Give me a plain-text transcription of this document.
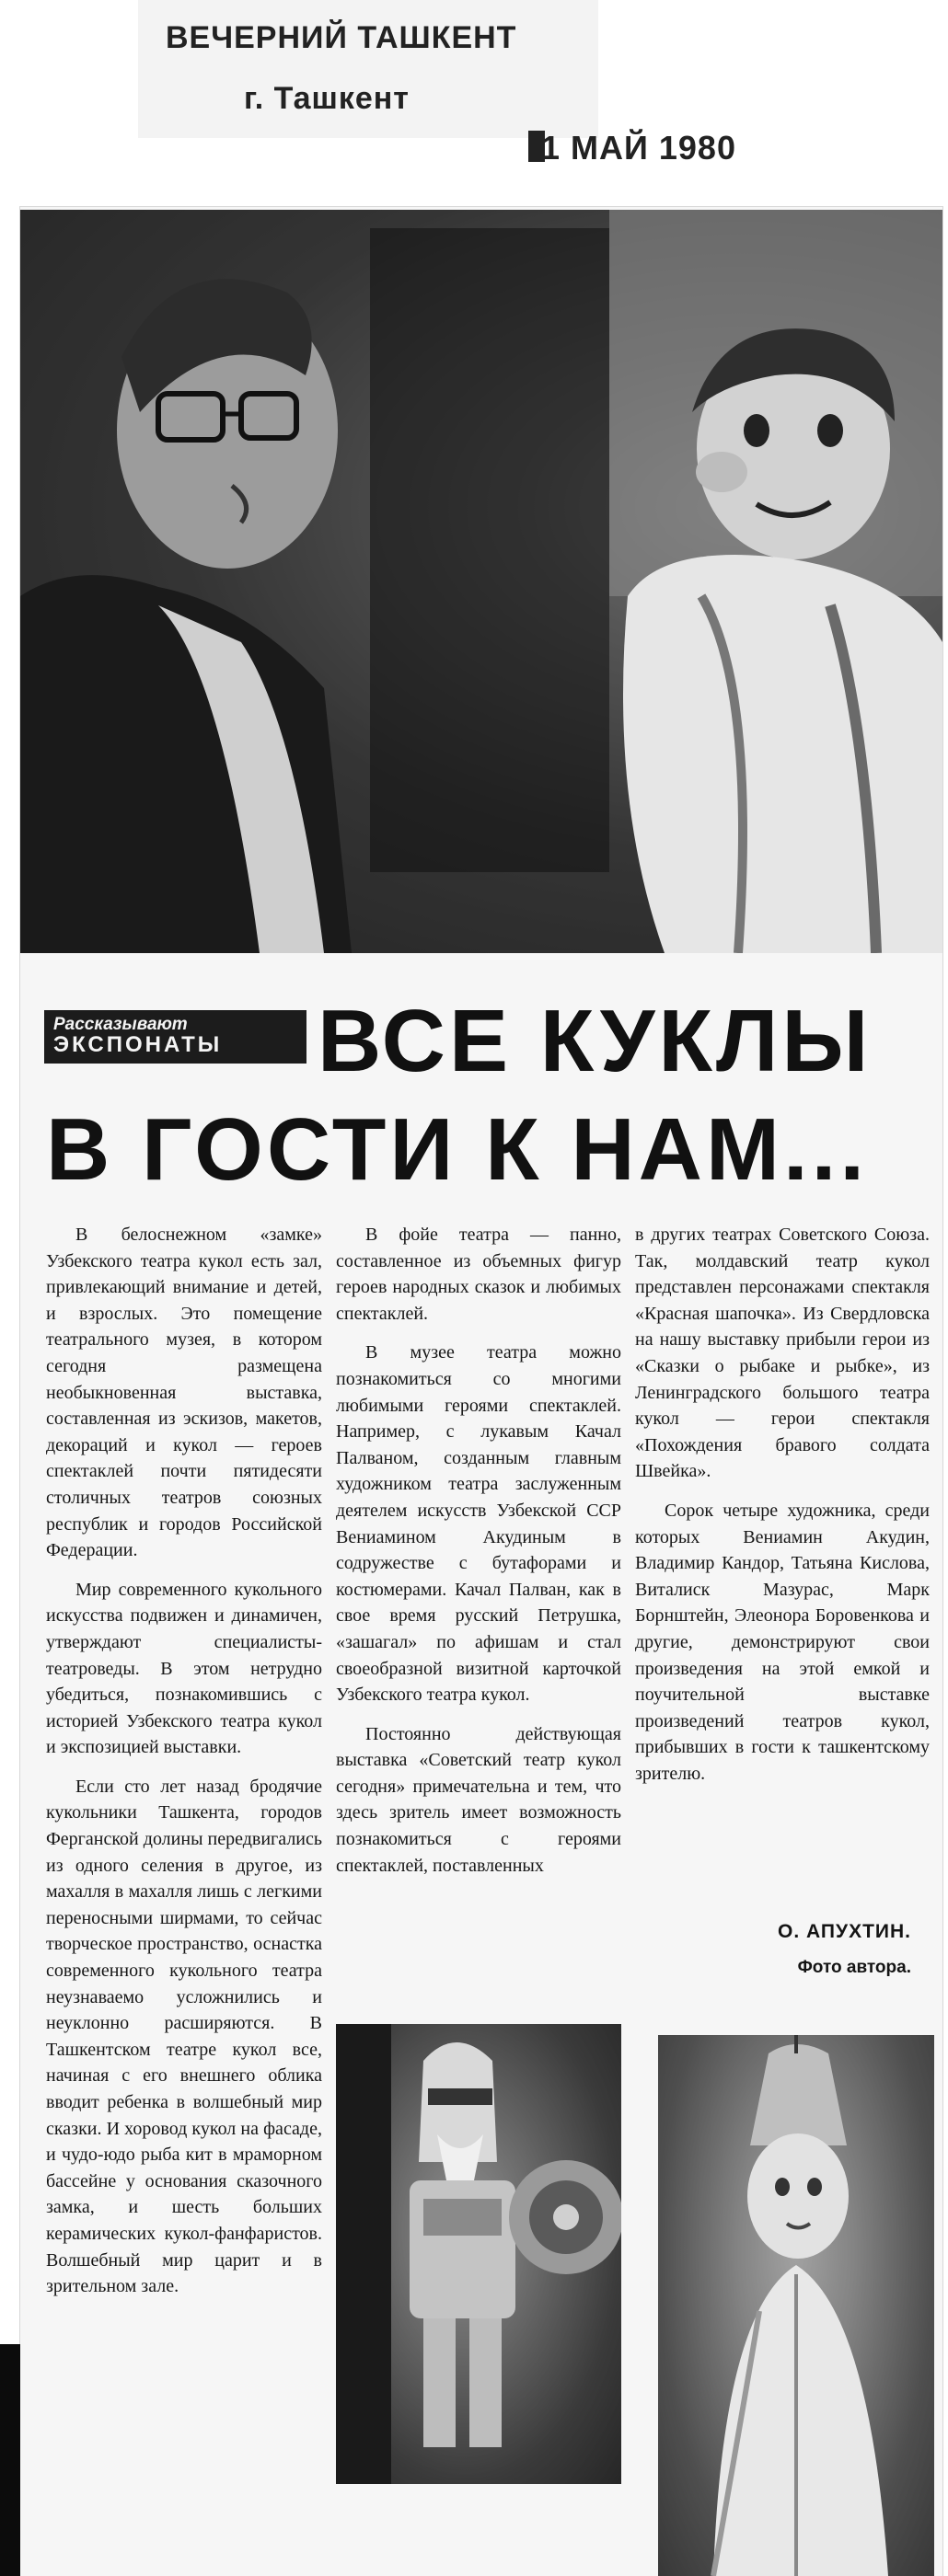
ВЕЧЕРНИЙ ТАШКЕНТ
г. Ташкент
1 МАЙ 1980
Рассказывают
ЭКСПОНАТЫ	ВСЕ КУКЛЫ
В ГОСТИ К НАМ...

В белоснежном «замке» Узбекского театра кукол есть зал, привлекающий внимание и детей, и взрослых. Это помещение театрального музея, в котором сегодня размещена необыкновенная выставка, составленная из эскизов, макетов, декораций и кукол — героев спектаклей почти пятидесяти столичных театров союзных республик и городов Российской Федерации.

Мир современного кукольного искусства подвижен и динамичен, утверждают специалисты-театроведы. В этом нетрудно убедиться, познакомившись с историей Узбекского театра кукол и экспозицией выставки.

Если сто лет назад бродячие кукольники Ташкента, городов Ферганской долины передвигались из одного селения в другое, из махалля в махалля лишь с легкими переносными ширмами, то сейчас творческое пространство, оснастка современного кукольного театра неузнаваемо усложнились и неуклонно расширяются. В Ташкентском театре кукол все, начиная с его внешнего облика вводит ребенка в волшебный мир сказки. И хоровод кукол на фасаде, и чудо-юдо рыба кит в мраморном бассейне у основания сказочного замка, и шесть больших керамических кукол-фанфаристов. Волшебный мир царит и в зрительном зале.

В фойе театра — панно, составленное из объемных фигур героев народных сказок и любимых спектаклей.

В музее театра можно познакомиться со многими любимыми героями спектаклей. Например, с лукавым Качал Палваном, созданным главным художником театра заслуженным деятелем искусств Узбекской ССР Вениамином Акудиным в содружестве с бутафорами и костюмерами. Качал Палван, как в свое время русский Петрушка, «зашагал» по афишам и стал своеобразной визитной карточкой Узбекского театра кукол.

Постоянно действующая выставка «Советский театр кукол сегодня» примечательна и тем, что здесь зритель имеет возможность познакомиться с героями спектаклей, поставленных

в других театрах Советского Союза. Так, молдавский театр кукол представлен персонажами спектакля «Красная шапочка». Из Свердловска на нашу выставку прибыли герои из «Сказки о рыбаке и рыбке», из Ленинградского большого театра кукол — герои спектакля «Похождения бравого солдата Швейка».

Сорок четыре художника, среди которых Вениамин Акудин, Владимир Кандор, Татьяна Кислова, Виталиск Мазурас, Марк Борнштейн, Элеонора Боровенкова и другие, демонстрируют свои произведения на этой емкой и поучительной выставке произведений театров кукол, прибывших в гости к ташкентскому зрителю.

О. АПУХТИН.
Фото автора.
